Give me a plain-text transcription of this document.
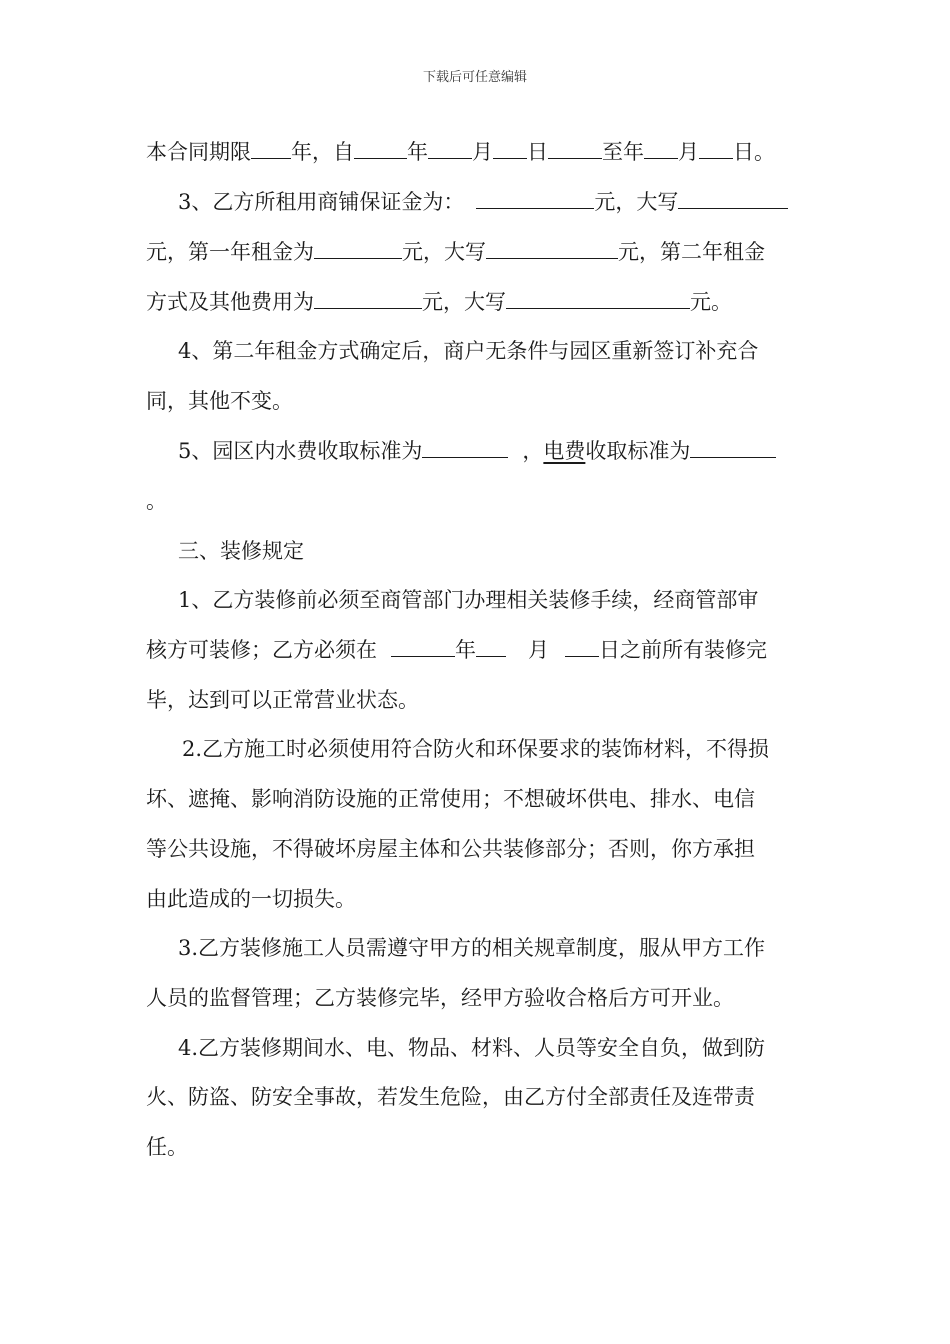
下载后可任意编辑
本合同期限 年，自	年 月 日	至年 月 日。
3、乙方所租用商铺保证金为：	元，大写
元，第一年租金为	元，大写	元，第二年租金
方式及其他费用为	元，大写	元。
4、第二年租金方式确定后，商户无条件与园区重新签订补充合
同，其他不变。
5、园区内水费收取标准为	，电费收取标准为
。
三、装修规定
1、乙方装修前必须至商管部门办理相关装修手续，经商管部审
核方可装修；乙方必须在	年 月 日之前所有装修完
毕，达到可以正常营业状态。
2.乙方施工时必须使用符合防火和环保要求的装饰材料，不得损
坏、遮掩、影响消防设施的正常使用；不想破坏供电、排水、电信
等公共设施，不得破坏房屋主体和公共装修部分；否则，你方承担
由此造成的一切损失。
3.乙方装修施工人员需遵守甲方的相关规章制度，服从甲方工作
人员的监督管理；乙方装修完毕，经甲方验收合格后方可开业。
4.乙方装修期间水、电、物品、材料、人员等安全自负，做到防
火、防盗、防安全事故，若发生危险，由乙方付全部责任及连带责
任。
